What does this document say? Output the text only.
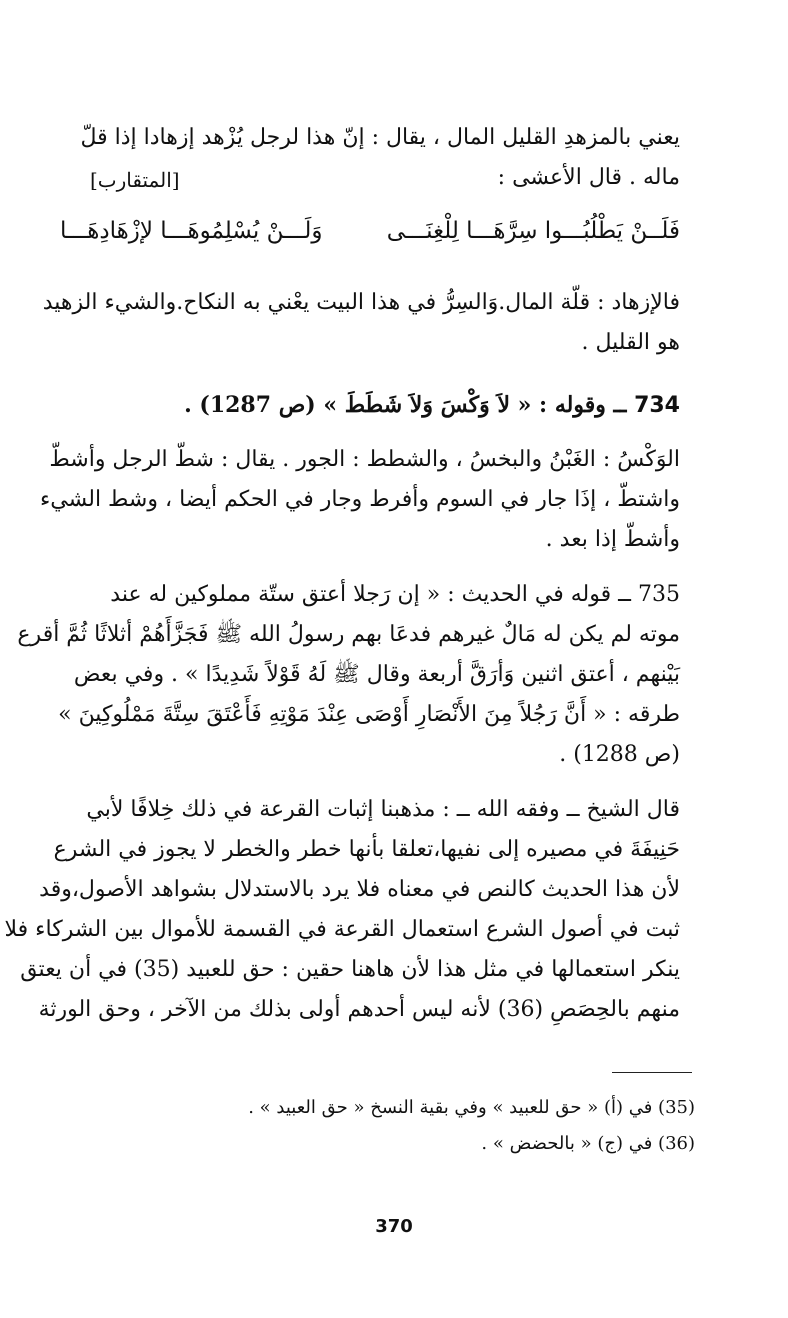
يعني بالمزهدِ القليل المال ، يقال : إنّ هذا لرجل يُزْهد إزهادا إذا قلّ
ماله . قال الأعشى :
[المتقارب]
فَلَــنْ يَطْلُبُـــوا سِرَّهَـــا لِلْغِنَـــى
وَلَـــنْ يُسْلِمُوهَـــا لإزْهَادِهَـــا
فالإزهاد : قلّة المال.وَالسِرُّ في هذا البيت يعْني به النكاح.والشيء الزهيد
هو القليل .
734 ــ وقوله : « لاَ وَكْسَ وَلاَ شَطَطَ » (ص 1287) .
الوَكْسُ : الغَبْنُ والبخسُ ، والشطط : الجور . يقال : شطّ الرجل وأشطّ
واشتطّ ، إذَا جار في السوم وأفرط وجار في الحكم أيضا ، وشط الشيء
وأشطّ إذا بعد .
735 ــ قوله في الحديث : « إن رَجلا أعتق ستّة مملوكين له عند
موته لم يكن له مَالٌ غيرهم فدعَا بهم رسولُ الله ﷺ فَجَزَّأَهُمْ أثلاثًا ثُمَّ أقرع
بَيْنهم ، أعتق اثنين وَأرَقَّ أربعة وقال ﷺ لَهُ قَوْلاً شَدِيدًا » . وفي بعض
طرقه : « أَنَّ رَجُلاً مِنَ الأَنْصَارِ أَوْصَى عِنْدَ مَوْتِهِ فَأَعْتَقَ سِتَّةَ مَمْلُوكِينَ »
(ص 1288) .
قال الشيخ ــ وفقه الله ــ : مذهبنا إثبات القرعة في ذلك خِلافًا لأبي
حَنِيفَةَ في مصيره إلى نفيها،تعلقا بأنها خطر والخطر لا يجوز في الشرع
لأن هذا الحديث كالنص في معناه فلا يرد بالاستدلال بشواهد الأصول،وقد
ثبت في أصول الشرع استعمال القرعة في القسمة للأموال بين الشركاء فلا
ينكر استعمالها في مثل هذا لأن هاهنا حقين : حق للعبيد (35) في أن يعتق
منهم بالحِصَصِ (36) لأنه ليس أحدهم أولى بذلك من الآخر ، وحق الورثة
(35) في (أ) « حق للعبيد » وفي بقية النسخ « حق العبيد » .
(36) في (ج) « بالحضض » .
370
